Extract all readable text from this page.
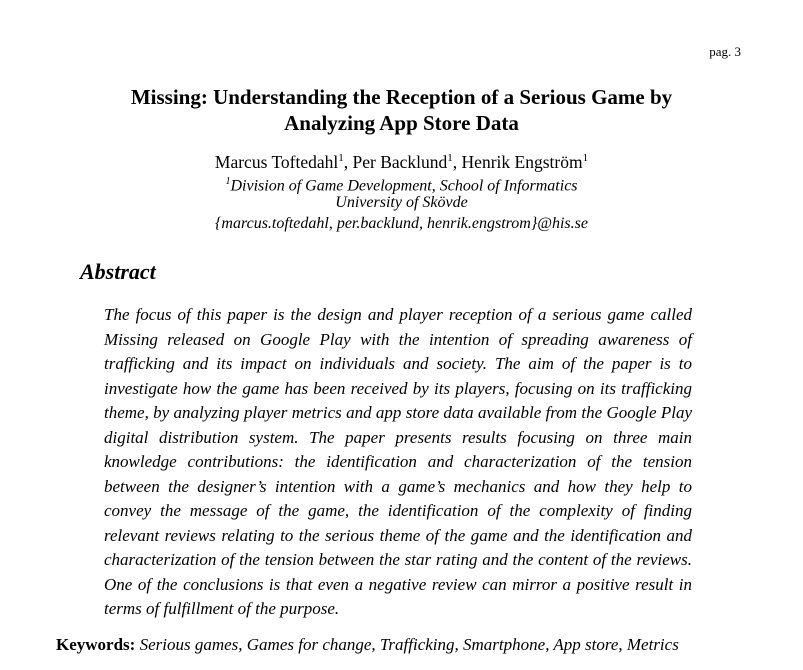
pag. 3
Missing: Understanding the Reception of a Serious Game by
Analyzing App Store Data
Marcus Toftedahl$^1$, Per Backlund$^1$, Henrik Engström$^1$
$^1$Division of Game Development, School of Informatics
University of Skövde
{marcus.toftedahl, per.backlund, henrik.engstrom}@his.se
Abstract

The focus of this paper is the design and player reception of a serious game called Missing released on Google Play with the intention of spreading awareness of trafficking and its impact on individuals and society. The aim of the paper is to investigate how the game has been received by its players, focusing on its trafficking theme, by analyzing player metrics and app store data available from the Google Play digital distribution system. The paper presents results focusing on three main knowledge contributions: the identification and characterization of the tension between the designer’s intention with a game’s mechanics and how they help to convey the message of the game, the identification of the complexity of finding relevant reviews relating to the serious theme of the game and the identification and characterization of the tension between the star rating and the content of the reviews. One of the conclusions is that even a negative review can mirror a positive result in terms of fulfillment of the purpose.

Keywords: Serious games, Games for change, Trafficking, Smartphone, App store, Metrics
